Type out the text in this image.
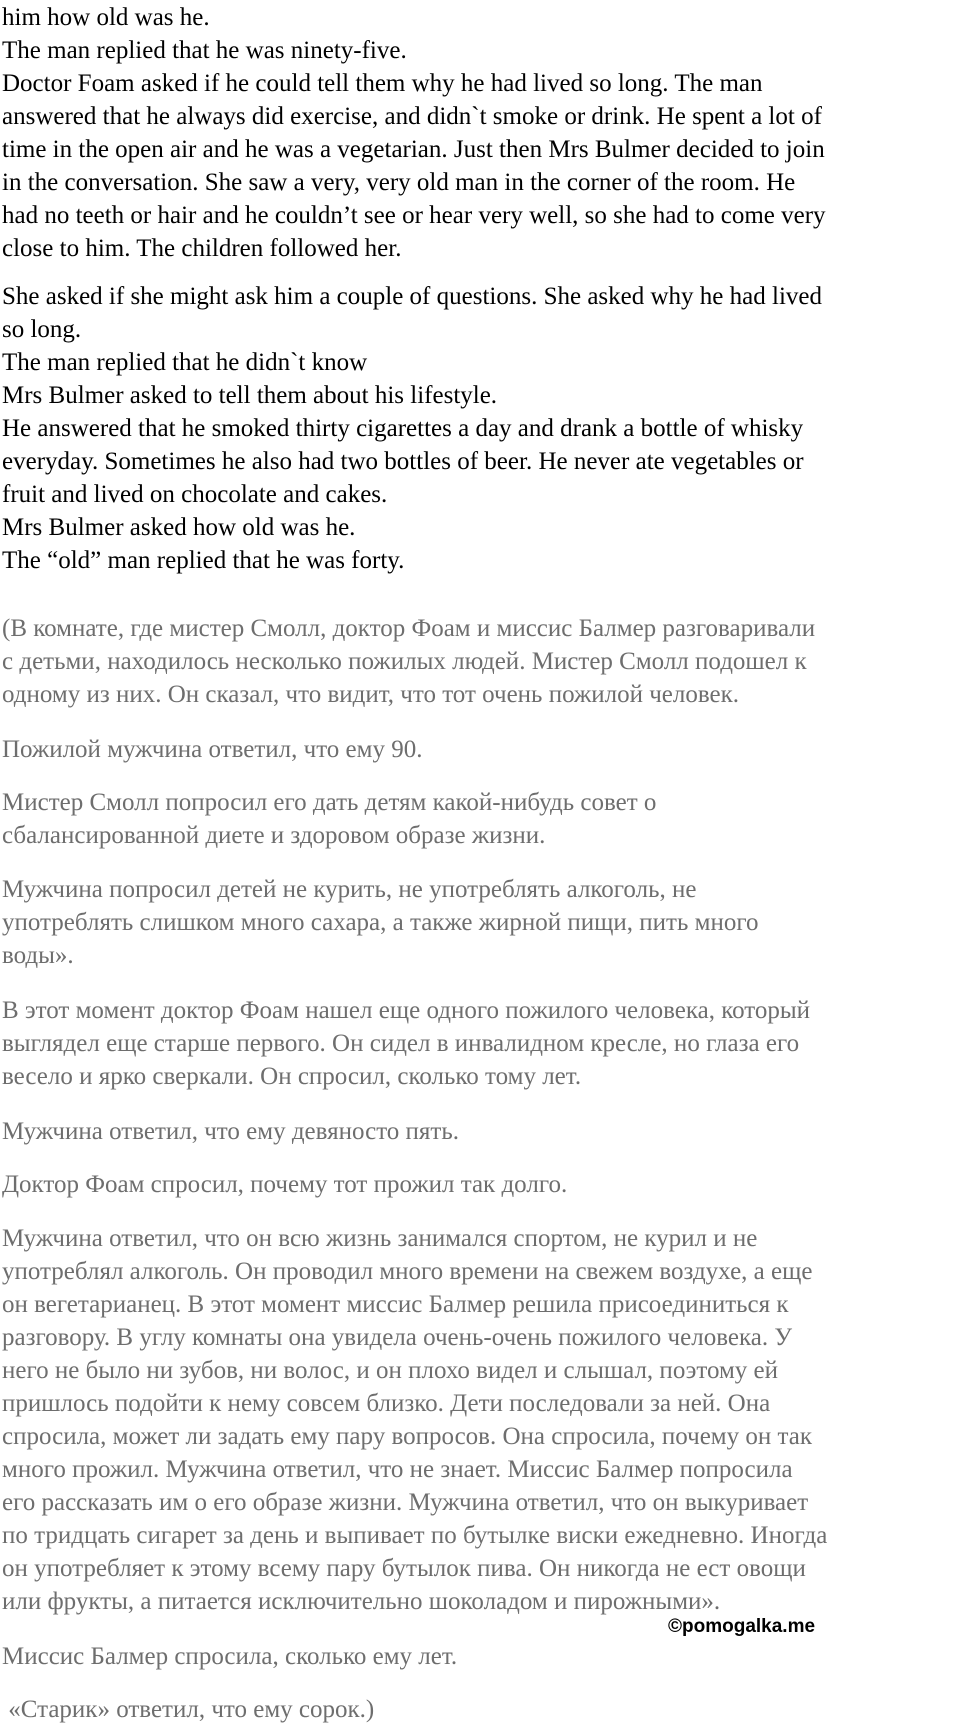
him how old was he.
The man replied that he was ninety-five.
Doctor Foam asked if he could tell them why he had lived so long. The man
answered that he always did exercise, and didn`t smoke or drink. He spent a lot of
time in the open air and he was a vegetarian. Just then Mrs Bulmer decided to join
in the conversation. She saw a very, very old man in the corner of the room. He
had no teeth or hair and he couldn’t see or hear very well, so she had to come very
close to him. The children followed her.
She asked if she might ask him a couple of questions. She asked why he had lived
so long.
The man replied that he didn`t know
Mrs Bulmer asked to tell them about his lifestyle.
He answered that he smoked thirty cigarettes a day and drank a bottle of whisky
everyday. Sometimes he also had two bottles of beer. He never ate vegetables or
fruit and lived on chocolate and cakes.
Mrs Bulmer asked how old was he.
The “old” man replied that he was forty.
(В комнате, где мистер Смолл, доктор Фоам и миссис Балмер разговаривали
с детьми, находилось несколько пожилых людей. Мистер Смолл подошел к
одному из них. Он сказал, что видит, что тот очень пожилой человек.
Пожилой мужчина ответил, что ему 90.
Мистер Смолл попросил его дать детям какой-нибудь совет о
сбалансированной диете и здоровом образе жизни.
Мужчина попросил детей не курить, не употреблять алкоголь, не
употреблять слишком много сахара, а также жирной пищи, пить много
воды».
В этот момент доктор Фоам нашел еще одного пожилого человека, который
выглядел еще старше первого. Он сидел в инвалидном кресле, но глаза его
весело и ярко сверкали. Он спросил, сколько тому лет.
Мужчина ответил, что ему девяносто пять.
Доктор Фоам спросил, почему тот прожил так долго.
Мужчина ответил, что он всю жизнь занимался спортом, не курил и не
употреблял алкоголь. Он проводил много времени на свежем воздухе, а еще
он вегетарианец. В этот момент миссис Балмер решила присоединиться к
разговору. В углу комнаты она увидела очень-очень пожилого человека. У
него не было ни зубов, ни волос, и он плохо видел и слышал, поэтому ей
пришлось подойти к нему совсем близко. Дети последовали за ней. Она
спросила, может ли задать ему пару вопросов. Она спросила, почему он так
много прожил. Мужчина ответил, что не знает. Миссис Балмер попросила
его рассказать им о его образе жизни. Мужчина ответил, что он выкуривает
по тридцать сигарет за день и выпивает по бутылке виски ежедневно. Иногда
он употребляет к этому всему пару бутылок пива. Он никогда не ест овощи
или фрукты, а питается исключительно шоколадом и пирожными».
©pomogalka.me
Миссис Балмер спросила, сколько ему лет.
«Старик» ответил, что ему сорок.)
